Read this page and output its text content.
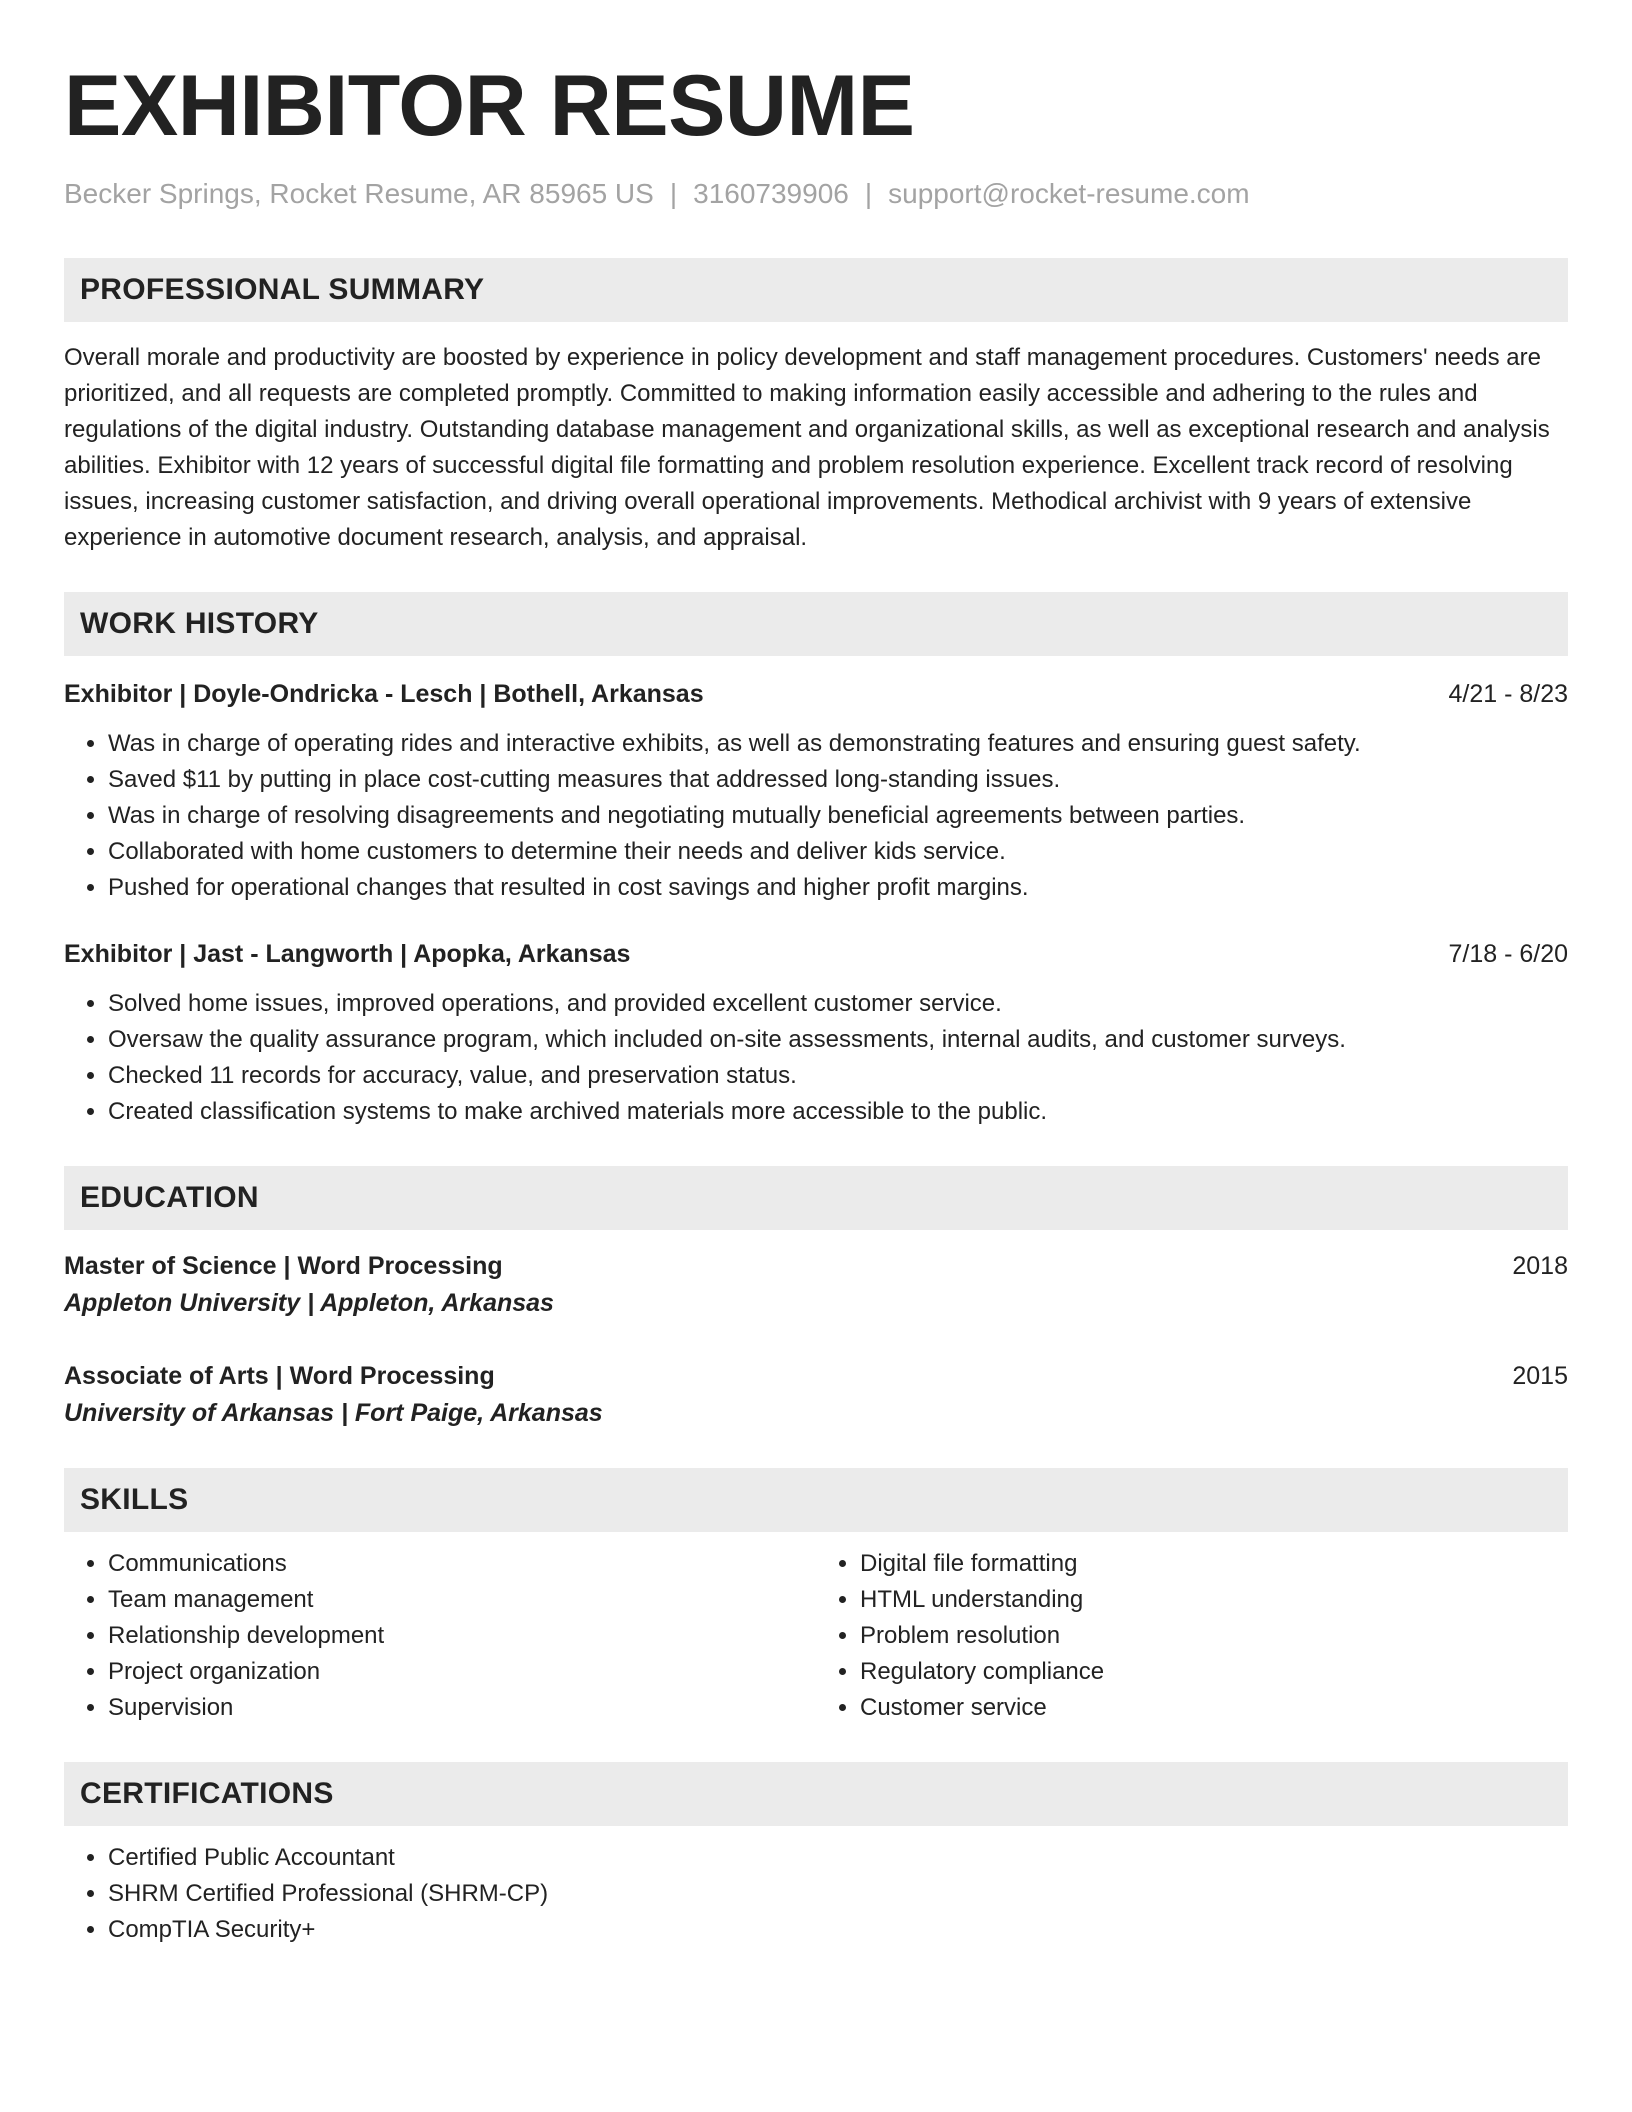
EXHIBITOR RESUME
Becker Springs, Rocket Resume, AR 85965 US | 3160739906 | support@rocket-resume.com
PROFESSIONAL SUMMARY

Overall morale and productivity are boosted by experience in policy development and staff management procedures. Customers' needs are prioritized, and all requests are completed promptly. Committed to making information easily accessible and adhering to the rules and regulations of the digital industry. Outstanding database management and organizational skills, as well as exceptional research and analysis abilities. Exhibitor with 12 years of successful digital file formatting and problem resolution experience. Excellent track record of resolving issues, increasing customer satisfaction, and driving overall operational improvements. Methodical archivist with 9 years of extensive experience in automotive document research, analysis, and appraisal.

WORK HISTORY
Exhibitor | Doyle-Ondricka - Lesch | Bothell, Arkansas	4/21 - 8/23
• Was in charge of operating rides and interactive exhibits, as well as demonstrating features and ensuring guest safety.
• Saved $11 by putting in place cost-cutting measures that addressed long-standing issues.
• Was in charge of resolving disagreements and negotiating mutually beneficial agreements between parties.
• Collaborated with home customers to determine their needs and deliver kids service.
• Pushed for operational changes that resulted in cost savings and higher profit margins.
Exhibitor | Jast - Langworth | Apopka, Arkansas	7/18 - 6/20
• Solved home issues, improved operations, and provided excellent customer service.
• Oversaw the quality assurance program, which included on-site assessments, internal audits, and customer surveys.
• Checked 11 records for accuracy, value, and preservation status.
• Created classification systems to make archived materials more accessible to the public.
EDUCATION
Master of Science | Word Processing	2018
Appleton University | Appleton, Arkansas
Associate of Arts | Word Processing	2015
University of Arkansas | Fort Paige, Arkansas
SKILLS
• Communications
• Team management
• Relationship development
• Project organization
• Supervision
• Digital file formatting
• HTML understanding
• Problem resolution
• Regulatory compliance
• Customer service
CERTIFICATIONS
• Certified Public Accountant
• SHRM Certified Professional (SHRM-CP)
• CompTIA Security+
